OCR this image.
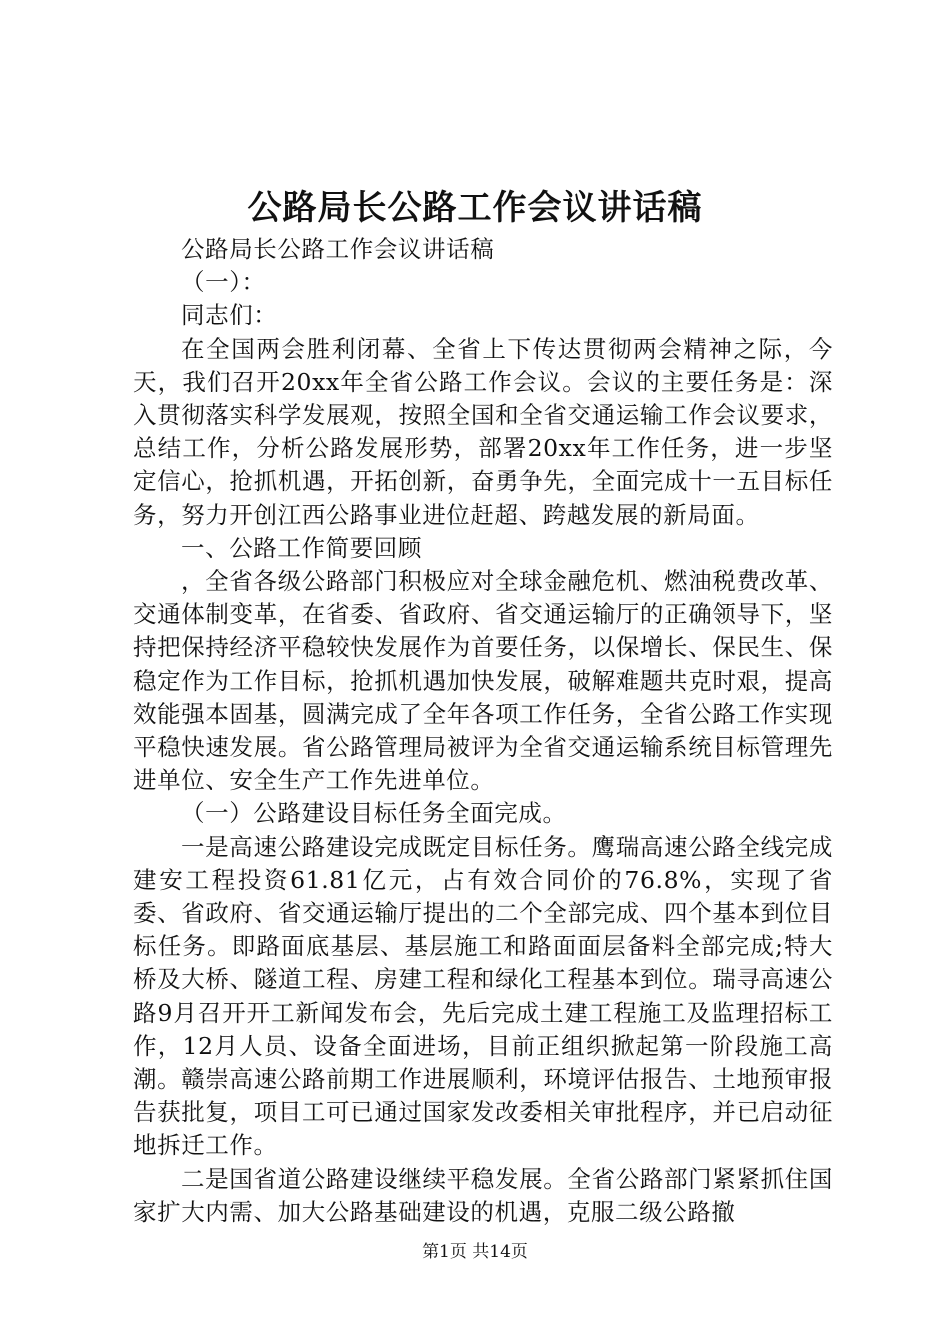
公路局长公路工作会议讲话稿

公路局长公路工作会议讲话稿

（一）：

同志们：

在全国两会胜利闭幕、全省上下传达贯彻两会精神之际，今天，我们召开20xx年全省公路工作会议。会议的主要任务是：深入贯彻落实科学发展观，按照全国和全省交通运输工作会议要求，总结工作，分析公路发展形势，部署20xx年工作任务，进一步坚定信心，抢抓机遇，开拓创新，奋勇争先，全面完成十一五目标任务，努力开创江西公路事业进位赶超、跨越发展的新局面。

一、公路工作简要回顾

，全省各级公路部门积极应对全球金融危机、燃油税费改革、交通体制变革，在省委、省政府、省交通运输厅的正确领导下，坚持把保持经济平稳较快发展作为首要任务，以保增长、保民生、保稳定作为工作目标，抢抓机遇加快发展，破解难题共克时艰，提高效能强本固基，圆满完成了全年各项工作任务，全省公路工作实现平稳快速发展。省公路管理局被评为全省交通运输系统目标管理先进单位、安全生产工作先进单位。

（一）公路建设目标任务全面完成。

一是高速公路建设完成既定目标任务。鹰瑞高速公路全线完成建安工程投资61.81亿元，占有效合同价的76.8%，实现了省委、省政府、省交通运输厅提出的二个全部完成、四个基本到位目标任务。即路面底基层、基层施工和路面面层备料全部完成;特大桥及大桥、隧道工程、房建工程和绿化工程基本到位。瑞寻高速公路9月召开开工新闻发布会，先后完成土建工程施工及监理招标工作，12月人员、设备全面进场，目前正组织掀起第一阶段施工高潮。赣崇高速公路前期工作进展顺利，环境评估报告、土地预审报告获批复，项目工可已通过国家发改委相关审批程序，并已启动征地拆迁工作。

二是国省道公路建设继续平稳发展。全省公路部门紧紧抓住国家扩大内需、加大公路基础建设的机遇，克服二级公路撤

第1页 共14页
